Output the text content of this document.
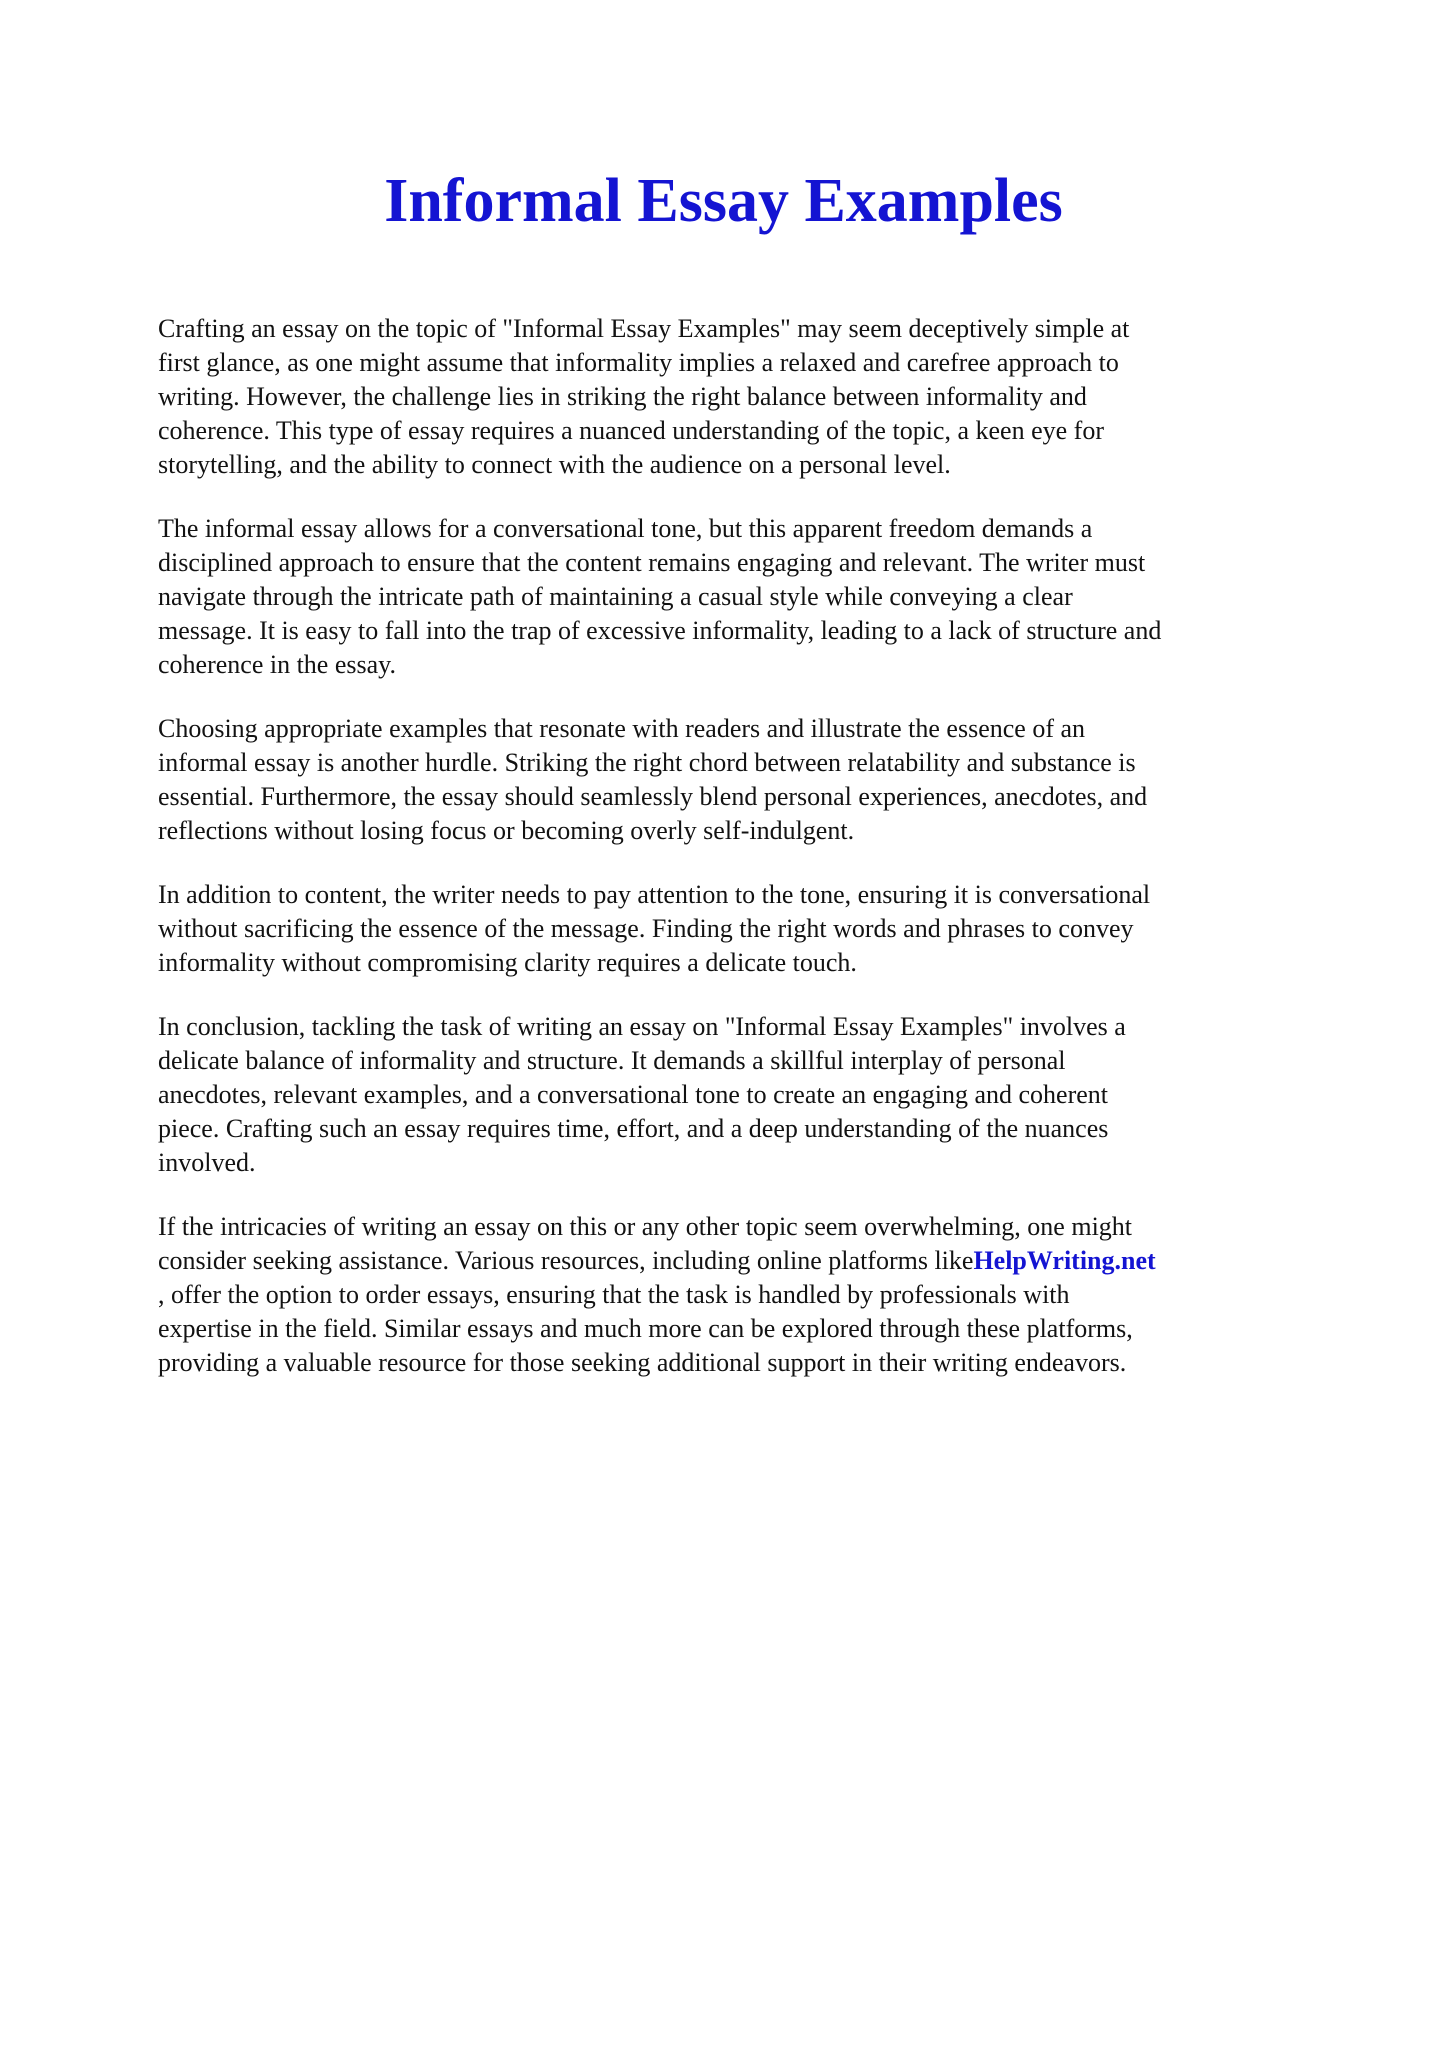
Informal Essay Examples

Crafting an essay on the topic of "Informal Essay Examples" may seem deceptively simple at
first glance, as one might assume that informality implies a relaxed and carefree approach to
writing. However, the challenge lies in striking the right balance between informality and
coherence. This type of essay requires a nuanced understanding of the topic, a keen eye for
storytelling, and the ability to connect with the audience on a personal level.

The informal essay allows for a conversational tone, but this apparent freedom demands a
disciplined approach to ensure that the content remains engaging and relevant. The writer must
navigate through the intricate path of maintaining a casual style while conveying a clear
message. It is easy to fall into the trap of excessive informality, leading to a lack of structure and
coherence in the essay.

Choosing appropriate examples that resonate with readers and illustrate the essence of an
informal essay is another hurdle. Striking the right chord between relatability and substance is
essential. Furthermore, the essay should seamlessly blend personal experiences, anecdotes, and
reflections without losing focus or becoming overly self-indulgent.

In addition to content, the writer needs to pay attention to the tone, ensuring it is conversational
without sacrificing the essence of the message. Finding the right words and phrases to convey
informality without compromising clarity requires a delicate touch.

In conclusion, tackling the task of writing an essay on "Informal Essay Examples" involves a
delicate balance of informality and structure. It demands a skillful interplay of personal
anecdotes, relevant examples, and a conversational tone to create an engaging and coherent
piece. Crafting such an essay requires time, effort, and a deep understanding of the nuances
involved.

If the intricacies of writing an essay on this or any other topic seem overwhelming, one might
consider seeking assistance. Various resources, including online platforms likeHelpWriting.net
, offer the option to order essays, ensuring that the task is handled by professionals with
expertise in the field. Similar essays and much more can be explored through these platforms,
providing a valuable resource for those seeking additional support in their writing endeavors.
